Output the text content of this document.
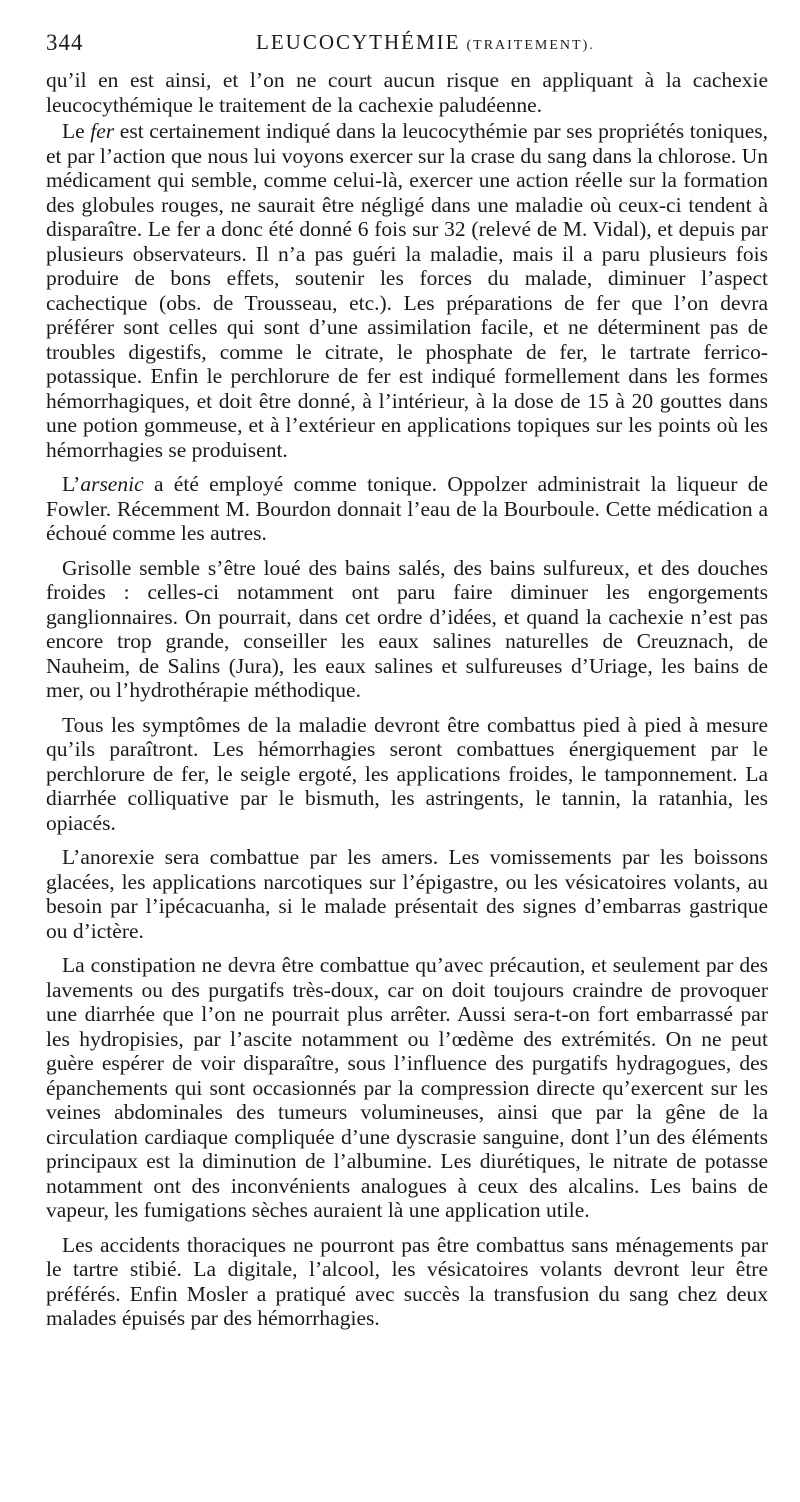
344	LEUCOCYTHÉMIE (TRAITEMENT).

qu’il en est ainsi, et l’on ne court aucun risque en appliquant à la cachexie leucocythémique le traitement de la cachexie paludéenne.

Le fer est certainement indiqué dans la leucocythémie par ses propriétés toniques, et par l’action que nous lui voyons exercer sur la crase du sang dans la chlorose. Un médicament qui semble, comme celui-là, exercer une action réelle sur la formation des globules rouges, ne saurait être négligé dans une maladie où ceux-ci tendent à disparaître. Le fer a donc été donné 6 fois sur 32 (relevé de M. Vidal), et depuis par plusieurs observateurs. Il n’a pas guéri la maladie, mais il a paru plusieurs fois produire de bons effets, soutenir les forces du malade, diminuer l’aspect cachectique (obs. de Trousseau, etc.). Les préparations de fer que l’on devra préférer sont celles qui sont d’une assimilation facile, et ne déterminent pas de troubles digestifs, comme le citrate, le phosphate de fer, le tartrate ferrico-potassique. Enfin le perchlorure de fer est indiqué formellement dans les formes hémorrhagiques, et doit être donné, à l’intérieur, à la dose de 15 à 20 gouttes dans une potion gommeuse, et à l’extérieur en applications topiques sur les points où les hémorrhagies se produisent.

L’arsenic a été employé comme tonique. Oppolzer administrait la liqueur de Fowler. Récemment M. Bourdon donnait l’eau de la Bourboule. Cette médication a échoué comme les autres.

Grisolle semble s’être loué des bains salés, des bains sulfureux, et des douches froides : celles-ci notamment ont paru faire diminuer les engorgements ganglionnaires. On pourrait, dans cet ordre d’idées, et quand la cachexie n’est pas encore trop grande, conseiller les eaux salines naturelles de Creuznach, de Nauheim, de Salins (Jura), les eaux salines et sulfureuses d’Uriage, les bains de mer, ou l’hydrothérapie méthodique.

Tous les symptômes de la maladie devront être combattus pied à pied à mesure qu’ils paraîtront. Les hémorrhagies seront combattues énergiquement par le perchlorure de fer, le seigle ergoté, les applications froides, le tamponnement. La diarrhée colliquative par le bismuth, les astringents, le tannin, la ratanhia, les opiacés.

L’anorexie sera combattue par les amers. Les vomissements par les boissons glacées, les applications narcotiques sur l’épigastre, ou les vésicatoires volants, au besoin par l’ipécacuanha, si le malade présentait des signes d’embarras gastrique ou d’ictère.

La constipation ne devra être combattue qu’avec précaution, et seulement par des lavements ou des purgatifs très-doux, car on doit toujours craindre de provoquer une diarrhée que l’on ne pourrait plus arrêter. Aussi sera-t-on fort embarrassé par les hydropisies, par l’ascite notamment ou l’œdème des extrémités. On ne peut guère espérer de voir disparaître, sous l’influence des purgatifs hydragogues, des épanchements qui sont occasionnés par la compression directe qu’exercent sur les veines abdominales des tumeurs volumineuses, ainsi que par la gêne de la circulation cardiaque compliquée d’une dyscrasie sanguine, dont l’un des éléments principaux est la diminution de l’albumine. Les diurétiques, le nitrate de potasse notamment ont des inconvénients analogues à ceux des alcalins. Les bains de vapeur, les fumigations sèches auraient là une application utile.

Les accidents thoraciques ne pourront pas être combattus sans ménagements par le tartre stibié. La digitale, l’alcool, les vésicatoires volants devront leur être préférés. Enfin Mosler a pratiqué avec succès la transfusion du sang chez deux malades épuisés par des hémorrhagies.
